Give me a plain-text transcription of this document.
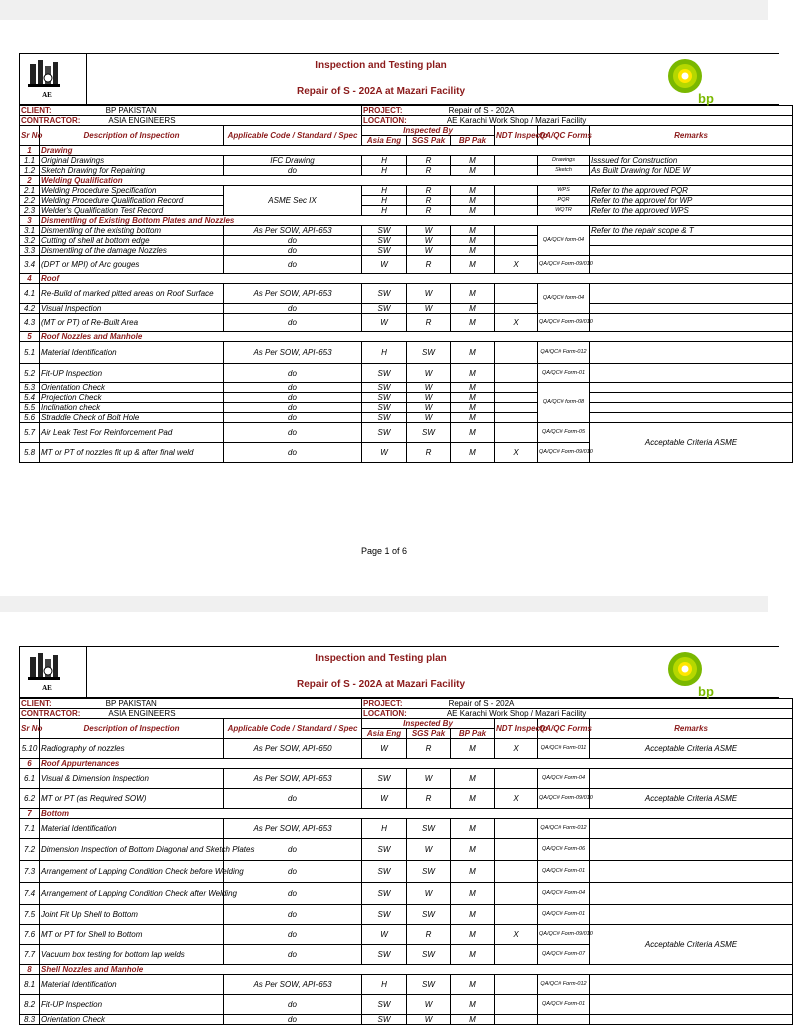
AE
Inspection and Testing plan
Repair of S - 202A at Mazari Facility	bp
CLIENT: BP PAKISTAN			PROJECT: Repair of S - 202A					
CONTRACTOR: ASIA ENGINEERS			LOCATION: AE Karachi Work Shop / Mazari Facility					
Sr No	Description of Inspection	Applicable Code / Standard / Spec	Inspected By			NDT Inspecto	QA/QC Forms	Remarks
			Asia Eng	SGS Pak	BP Pak			
1	Drawing							
1.1	Original Drawings	IFC Drawing	H	R	M		Drawings	Isssued for Construction
1.2	Sketch Drawing for Repairing	do	H	R	M		Sketch	As Built Drawing for NDE W
2	Welding Qualification							
2.1	Welding Procedure Specification	ASME Sec IX	H	R	M		WPS	Refer to the approved PQR
2.2	Welding Procedure Qualification Record		H	R	M		PQR	Refer to the approvel for WP
2.3	Welder's Qualification Test Record		H	R	M		WQTR	Refer to the approved WPS
3	Dismentling of Existing Bottom Plates and Nozzles							
3.1	Dismentling of the existing bottom	As Per SOW, API-653	SW	W	M		QA/QC# form-04	Refer to the repair scope & T
3.2	Cutting of shell at bottom edge	do	SW	W	M			
3.3	Dismentling of the damage Nozzles	do	SW	W	M			
3.4	(DPT or MPI) of Arc gouges	do	W	R	M	X	QA/QC# Form-09/010	
4	Roof							
4.1	Re-Build of marked pitted areas on Roof Surface	As Per SOW, API-653	SW	W	M		QA/QC# form-04	
4.2	Visual Inspection	do	SW	W	M			
4.3	(MT or PT) of Re-Built Area	do	W	R	M	X	QA/QC# Form-09/010	
5	Roof Nozzles and Manhole							
5.1	Material Identification	As Per SOW, API-653	H	SW	M		QA/QC# Form-012	
5.2	Fit-UP Inspection	do	SW	W	M		QA/QC# Form-01	
5.3	Orientation Check	do	SW	W	M		QA/QC# form-08	
5.4	Projection Check	do	SW	W	M			
5.5	Inclination check	do	SW	W	M			
5.6	Straddle Check of Bolt Hole	do	SW	W	M			
5.7	Air Leak Test For Reinforcement Pad	do	SW	SW	M		QA/QC# Form-05	Acceptable Criteria ASME
5.8	MT or PT of nozzles fit up & after final weld	do	W	R	M	X	QA/QC# Form-09/010	
Page 1 of 6
AE
Inspection and Testing plan
Repair of S - 202A at Mazari Facility	bp
CLIENT: BP PAKISTAN			PROJECT: Repair of S - 202A					
CONTRACTOR: ASIA ENGINEERS			LOCATION: AE Karachi Work Shop / Mazari Facility					
Sr No	Description of Inspection	Applicable Code / Standard / Spec	Inspected By			NDT Inspecto	QA/QC Forms	Remarks
			Asia Eng	SGS Pak	BP Pak			
5.10	Radiography of nozzles	As Per SOW, API-650	W	R	M	X	QA/QC# Form-011	Acceptable Criteria ASME
6	Roof Appurtenances							
6.1	Visual & Dimension Inspection	As Per SOW, API-653	SW	W	M		QA/QC# Form-04	
6.2	MT or PT (as Required SOW)	do	W	R	M	X	QA/QC# Form-09/010	Acceptable Criteria ASME
7	Bottom							
7.1	Material Identification	As Per SOW, API-653	H	SW	M		QA/QC# Form-012	
7.2	Dimension Inspection of Bottom Diagonal and Sketch Plates	do	SW	W	M		QA/QC# Form-06	
7.3	Arrangement of Lapping Condition Check before Welding	do	SW	SW	M		QA/QC# Form-01	
7.4	Arrangement of Lapping Condition Check after Welding	do	SW	W	M		QA/QC# Form-04	
7.5	Joint Fit Up Shell to Bottom	do	SW	SW	M		QA/QC# Form-01	
7.6	MT or PT for Shell to Bottom	do	W	R	M	X	QA/QC# Form-09/010	Acceptable Criteria ASME
7.7	Vacuum box testing for bottom lap welds	do	SW	SW	M		QA/QC# Form-07	
8	Shell Nozzles and Manhole							
8.1	Material Identification	As Per SOW, API-653	H	SW	M		QA/QC# Form-012	
8.2	Fit-UP Inspection	do	SW	W	M		QA/QC# Form-01	
8.3	Orientation Check	do	SW	W	M			
